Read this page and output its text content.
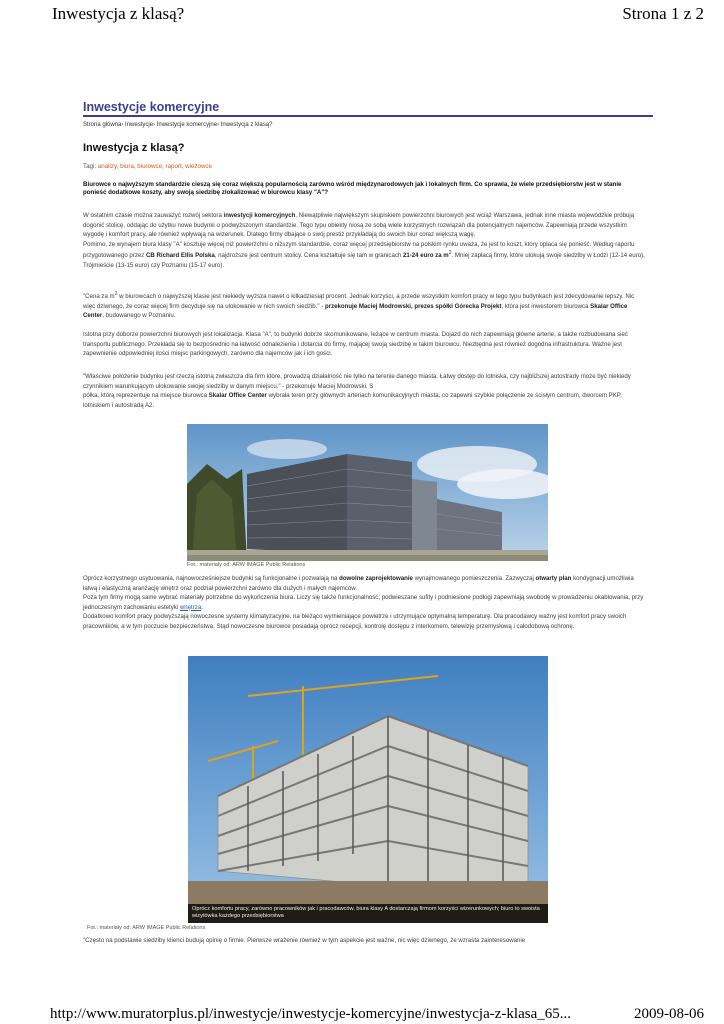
Inwestycja z klasą?	Strona 1 z 2
Inwestycje komercyjne
Strona główna› Inwestycje› Inwestycje komercyjne› Inwestycja z klasą?
Inwestycja z klasą?
Tagi: analizy, biura, biurowce, raport, wieżowce
Biurowce o najwyższym standardzie cieszą się coraz większą popularnością zarówno wśród międzynarodowych jak i lokalnych firm. Co sprawia, że wiele przedsiębiorstw jest w stanie ponieść dodatkowe koszty, aby swoją siedzibę zlokalizować w biurowcu klasy "A"?
W ostatnim czasie można zauważyć rozwój sektora inwestycji komercyjnych. Niewątpliwie największym skupiskiem powierzchni biurowych jest wciąż Warszawa, jednak inne miasta wojewódzkie próbują dogonić stolicę, oddając do użytku nowe budynki o podwyższonym standardzie. Tego typu obiekty niosą ze sobą wiele korzystnych rozwiązań dla potencjalnych najemców. Zapewniają przede wszystkim wygodę i komfort pracy, ale również wpływają na wizerunek. Dlatego firmy dbające o swój prestiż przykładają do swoich biur coraz większą wagę.
Pomimo, że wynajem biura klasy "A" kosztuje więcej niż powierzchni o niższym standardzie, coraz więcej przedsiębiorstw na polskim rynku uważa, że jest to koszt, który opłaca się ponieść. Według raportu przygotowanego przez CB Richard Ellis Polska, najdroższe jest centrum stolicy. Cena kształtuje się tam w granicach 21-24 euro za $m^2$. Mniej zapłacą firmy, które ulokują swoje siedziby w Łodzi (12-14 euro), Trójmieście (13-15 euro) czy Poznaniu (15-17 euro).
"Cena za $m^2$ w biurowcach o najwyższej klasie jest niekiedy wyższa nawet o kilkadziesiąt procent. Jednak korzyści, a przede wszystkim komfort pracy w tego typu budynkach jest zdecydowanie lepszy. Nic więc dziwnego, że coraz więcej firm decyduje się na ulokowanie w nich swoich siedzib." - przekonuje Maciej Modrowski, prezes spółki Górecka Projekt, która jest inwestorem biurowca Skalar Office Center, budowanego w Poznaniu.
Istotna przy doborze powierzchni biurowych jest lokalizacja. Klasa "A", to budynki dobrze skomunikowane, leżące w centrum miasta. Dojazd do nich zapewniają główne arterie, a także rozbudowana sieć transportu publicznego. Przekłada się to bezpośrednio na łatwość odnalezienia i dotarcia do firmy, mającej swoją siedzibę w takim biurowcu. Niezbędna jest również dogodna infrastruktura. Ważne jest zapewnienie odpowiedniej ilości miejsc parkingowych, zarówno dla najemców jak i ich gości.
"Właściwe położenie budynku jest rzeczą istotną zwłaszcza dla firm które, prowadzą działalność nie tylko na terenie danego miasta. Łatwy dostęp do lotniska, czy najbliższej autostrady może być niekiedy czynnikiem warunkującym ulokowanie swojej siedziby w danym miejscu." - przekonuje Maciej Modrowski. S
półka, którą reprezentuje na miejsce biurowca Skalar Office Center wybrała teren przy głównych arteriach komunikacyjnych miasta, co zapewni szybkie połączenie ze ścisłym centrum, dworcem PKP, lotniskiem i autostradą A2.
Fot.: materiały od: ARW IMAGE Public Relations
Oprócz korzystnego usytuowania, najnowocześniejsze budynki są funkcjonalne i pozwalają na dowolne zaprojektowanie wynajmowanego pomieszczenia. Zazwyczaj otwarty plan kondygnacji umożliwia łatwą i elastyczną aranżację wnętrz oraz podział powierzchni zarówno dla dużych i małych najemców.
Poza tym firmy mogą same wybrać materiały potrzebne do wykończenia biura. Liczy się także funkcjonalność; podwieszane sufity i podniesione podłogi zapewniają swobodę w prowadzeniu okablowania, przy jednoczesnym zachowaniu estetyki wnętrza.
Dodatkowo komfort pracy podwyższają nowoczesne systemy klimatyzacyjne, na bieżąco wymieniające powietrze i utrzymujące optymalną temperaturę. Dla pracodawcy ważny jest komfort pracy swoich pracowników, a w tym poczucie bezpieczeństwa. Stąd nowoczesne biurowce posiadają oprócz recepcji, kontrolę dostępu z interkomem, telewizję przemysłową i całodobową ochronę.
Oprócz komfortu pracy, zarówno pracowników jak i pracodawców, biura klasy A dostarczają firmom korzyści wizerunkowych; biuro to swoista wizytówka każdego przedsiębiorstwa
Fot.: materiały od: ARW IMAGE Public Relations
"Często na podstawie siedziby klienci budują opinię o firmie. Pierwsze wrażenie również w tym aspekcie jest ważne, nic więc dziwnego, że wzrasta zainteresowanie
http://www.muratorplus.pl/inwestycje/inwestycje-komercyjne/inwestycja-z-klasa_65...	2009-08-06
